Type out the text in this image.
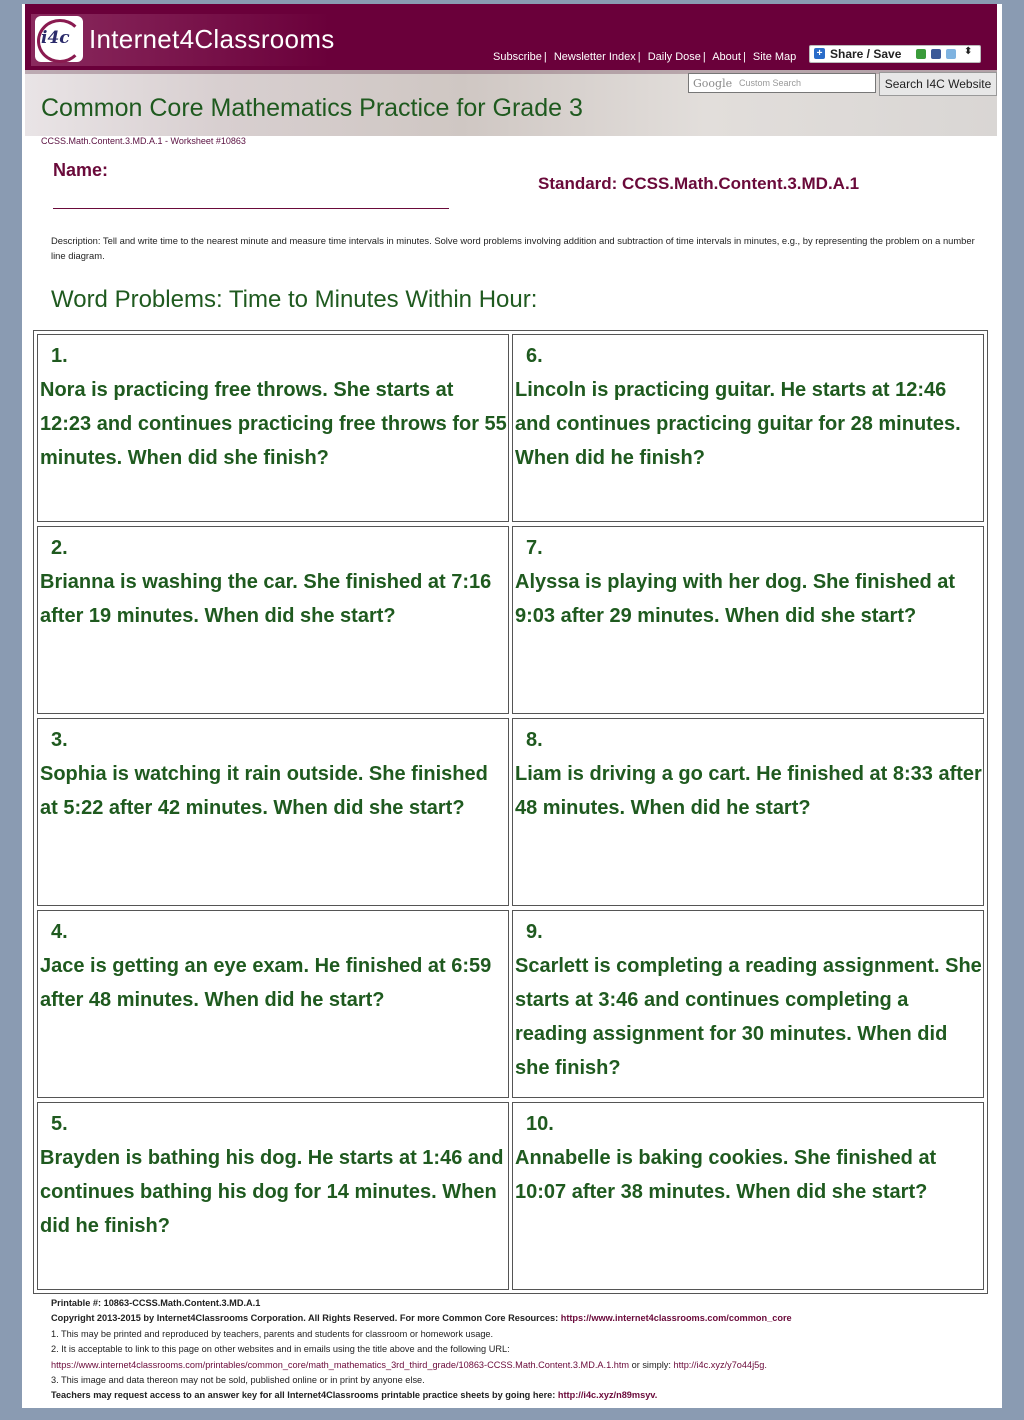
i4c Internet4Classrooms
Subscribe | Newsletter Index | Daily Dose | About | Site Map + Share / Save	⬍
Google Custom Search	Search I4C Website
Common Core Mathematics Practice for Grade 3
CCSS.Math.Content.3.MD.A.1 - Worksheet #10863
Name:
Standard: CCSS.Math.Content.3.MD.A.1
Description: Tell and write time to the nearest minute and measure time intervals in minutes. Solve word problems involving addition and subtraction of time intervals in minutes, e.g., by representing the problem on a number line diagram.
Word Problems: Time to Minutes Within Hour:
1.
Nora is practicing free throws. She starts at 12:23 and continues practicing free throws for 55 minutes. When did she finish?
2.
Brianna is washing the car. She finished at 7:16 after 19 minutes. When did she start?
3.
Sophia is watching it rain outside. She finished at 5:22 after 42 minutes. When did she start?
4.
Jace is getting an eye exam. He finished at 6:59 after 48 minutes. When did he start?
5.
Brayden is bathing his dog. He starts at 1:46 and continues bathing his dog for 14 minutes. When did he finish?
6.
Lincoln is practicing guitar. He starts at 12:46 and continues practicing guitar for 28 minutes. When did he finish?
7.
Alyssa is playing with her dog. She finished at 9:03 after 29 minutes. When did she start?
8.
Liam is driving a go cart. He finished at 8:33 after 48 minutes. When did he start?
9.
Scarlett is completing a reading assignment. She starts at 3:46 and continues completing a reading assignment for 30 minutes. When did she finish?
10.
Annabelle is baking cookies. She finished at 10:07 after 38 minutes. When did she start?
Printable #: 10863-CCSS.Math.Content.3.MD.A.1
Copyright 2013-2015 by Internet4Classrooms Corporation. All Rights Reserved. For more Common Core Resources: https://www.internet4classrooms.com/common_core
1. This may be printed and reproduced by teachers, parents and students for classroom or homework usage.
2. It is acceptable to link to this page on other websites and in emails using the title above and the following URL:
https://www.internet4classrooms.com/printables/common_core/math_mathematics_3rd_third_grade/10863-CCSS.Math.Content.3.MD.A.1.htm or simply: http://i4c.xyz/y7o44j5g.
3. This image and data thereon may not be sold, published online or in print by anyone else.
Teachers may request access to an answer key for all Internet4Classrooms printable practice sheets by going here: http://i4c.xyz/n89msyv.
